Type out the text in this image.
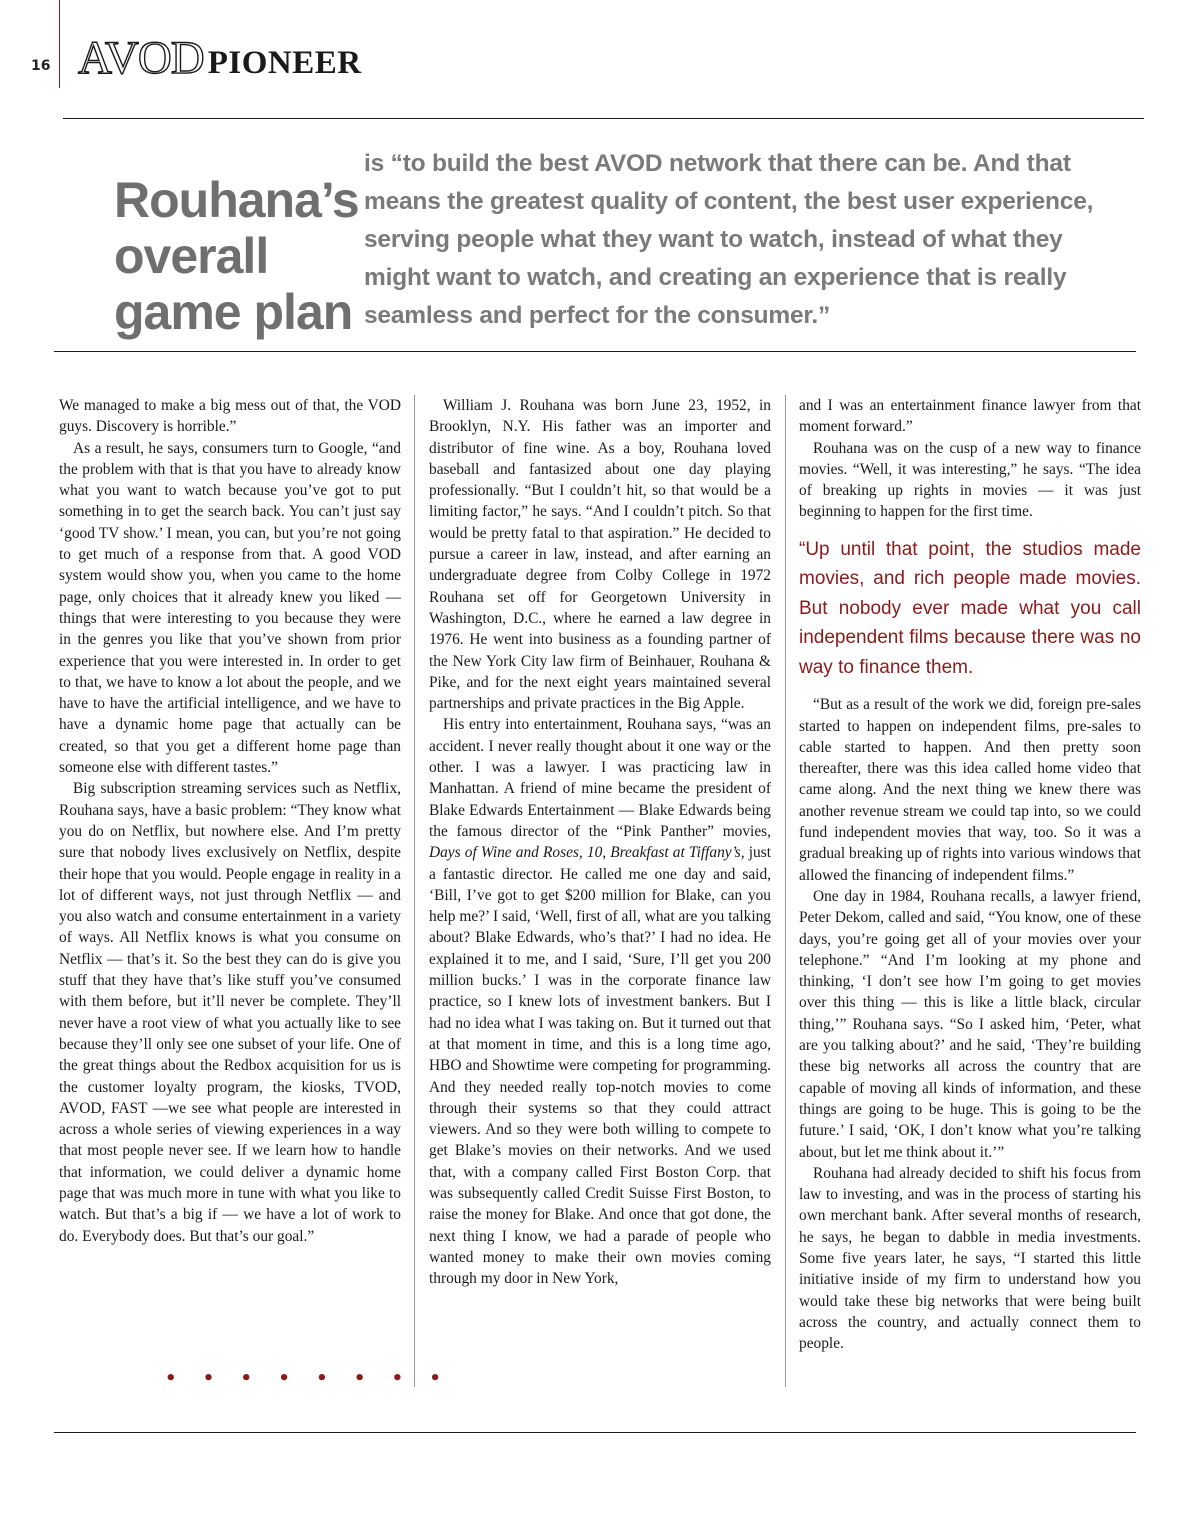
16 AVOD PIONEER
Rouhana’s overall game plan

is “to build the best AVOD network that there can be. And that means the greatest quality of content, the best user experience, serving people what they want to watch, instead of what they might want to watch, and creating an experience that is really seamless and perfect for the consumer.”

We managed to make a big mess out of that, the VOD guys. Discovery is horrible.”

As a result, he says, consumers turn to Google, “and the problem with that is that you have to already know what you want to watch because you’ve got to put something in to get the search back. You can’t just say ‘good TV show.’ I mean, you can, but you’re not going to get much of a response from that. A good VOD system would show you, when you came to the home page, only choices that it already knew you liked — things that were interesting to you because they were in the genres you like that you’ve shown from prior experience that you were interested in. In order to get to that, we have to know a lot about the people, and we have to have the artificial intelligence, and we have to have a dynamic home page that actually can be created, so that you get a different home page than someone else with different tastes.”

Big subscription streaming services such as Netflix, Rouhana says, have a basic problem: “They know what you do on Netflix, but nowhere else. And I’m pretty sure that nobody lives exclusively on Netflix, despite their hope that you would. People engage in reality in a lot of different ways, not just through Netflix — and you also watch and consume entertainment in a variety of ways. All Netflix knows is what you consume on Netflix — that’s it. So the best they can do is give you stuff that they have that’s like stuff you’ve consumed with them before, but it’ll never be complete. They’ll never have a root view of what you actually like to see because they’ll only see one subset of your life. One of the great things about the Redbox acquisition for us is the customer loyalty program, the kiosks, TVOD, AVOD, FAST —we see what people are interested in across a whole series of viewing experiences in a way that most people never see. If we learn how to handle that information, we could deliver a dynamic home page that was much more in tune with what you like to watch. But that’s a big if — we have a lot of work to do. Everybody does. But that’s our goal.”

• • • • • • • •

William J. Rouhana was born June 23, 1952, in Brooklyn, N.Y. His father was an importer and distributor of fine wine. As a boy, Rouhana loved baseball and fantasized about one day playing professionally. “But I couldn’t hit, so that would be a limiting factor,” he says. “And I couldn’t pitch. So that would be pretty fatal to that aspiration.” He decided to pursue a career in law, instead, and after earning an undergraduate degree from Colby College in 1972 Rouhana set off for Georgetown University in Washington, D.C., where he earned a law degree in 1976. He went into business as a founding partner of the New York City law firm of Beinhauer, Rouhana & Pike, and for the next eight years maintained several partnerships and private practices in the Big Apple.

His entry into entertainment, Rouhana says, “was an accident. I never really thought about it one way or the other. I was a lawyer. I was practicing law in Manhattan. A friend of mine became the president of Blake Edwards Entertainment — Blake Edwards being the famous director of the “Pink Panther” movies, Days of Wine and Roses, 10, Breakfast at Tiffany’s, just a fantastic director. He called me one day and said, ‘Bill, I’ve got to get $200 million for Blake, can you help me?’ I said, ‘Well, first of all, what are you talking about? Blake Edwards, who’s that?’ I had no idea. He explained it to me, and I said, ‘Sure, I’ll get you 200 million bucks.’ I was in the corporate finance law practice, so I knew lots of investment bankers. But I had no idea what I was taking on. But it turned out that at that moment in time, and this is a long time ago, HBO and Showtime were competing for programming. And they needed really top-notch movies to come through their systems so that they could attract viewers. And so they were both willing to compete to get Blake’s movies on their networks. And we used that, with a company called First Boston Corp. that was subsequently called Credit Suisse First Boston, to raise the money for Blake. And once that got done, the next thing I know, we had a parade of people who wanted money to make their own movies coming through my door in New York,

and I was an entertainment finance lawyer from that moment forward.”

Rouhana was on the cusp of a new way to finance movies. “Well, it was interesting,” he says. “The idea of breaking up rights in movies — it was just beginning to happen for the first time.

“Up until that point, the studios made movies, and rich people made movies. But nobody ever made what you call independent films because there was no way to finance them.

“But as a result of the work we did, foreign pre-sales started to happen on independent films, pre-sales to cable started to happen. And then pretty soon thereafter, there was this idea called home video that came along. And the next thing we knew there was another revenue stream we could tap into, so we could fund independent movies that way, too. So it was a gradual breaking up of rights into various windows that allowed the financing of independent films.”

One day in 1984, Rouhana recalls, a lawyer friend, Peter Dekom, called and said, “You know, one of these days, you’re going get all of your movies over your telephone.” “And I’m looking at my phone and thinking, ‘I don’t see how I’m going to get movies over this thing — this is like a little black, circular thing,’” Rouhana says. “So I asked him, ‘Peter, what are you talking about?’ and he said, ‘They’re building these big networks all across the country that are capable of moving all kinds of information, and these things are going to be huge. This is going to be the future.’ I said, ‘OK, I don’t know what you’re talking about, but let me think about it.’”

Rouhana had already decided to shift his focus from law to investing, and was in the process of starting his own merchant bank. After several months of research, he says, he began to dabble in media investments. Some five years later, he says, “I started this little initiative inside of my firm to understand how you would take these big networks that were being built across the country, and actually connect them to people.
